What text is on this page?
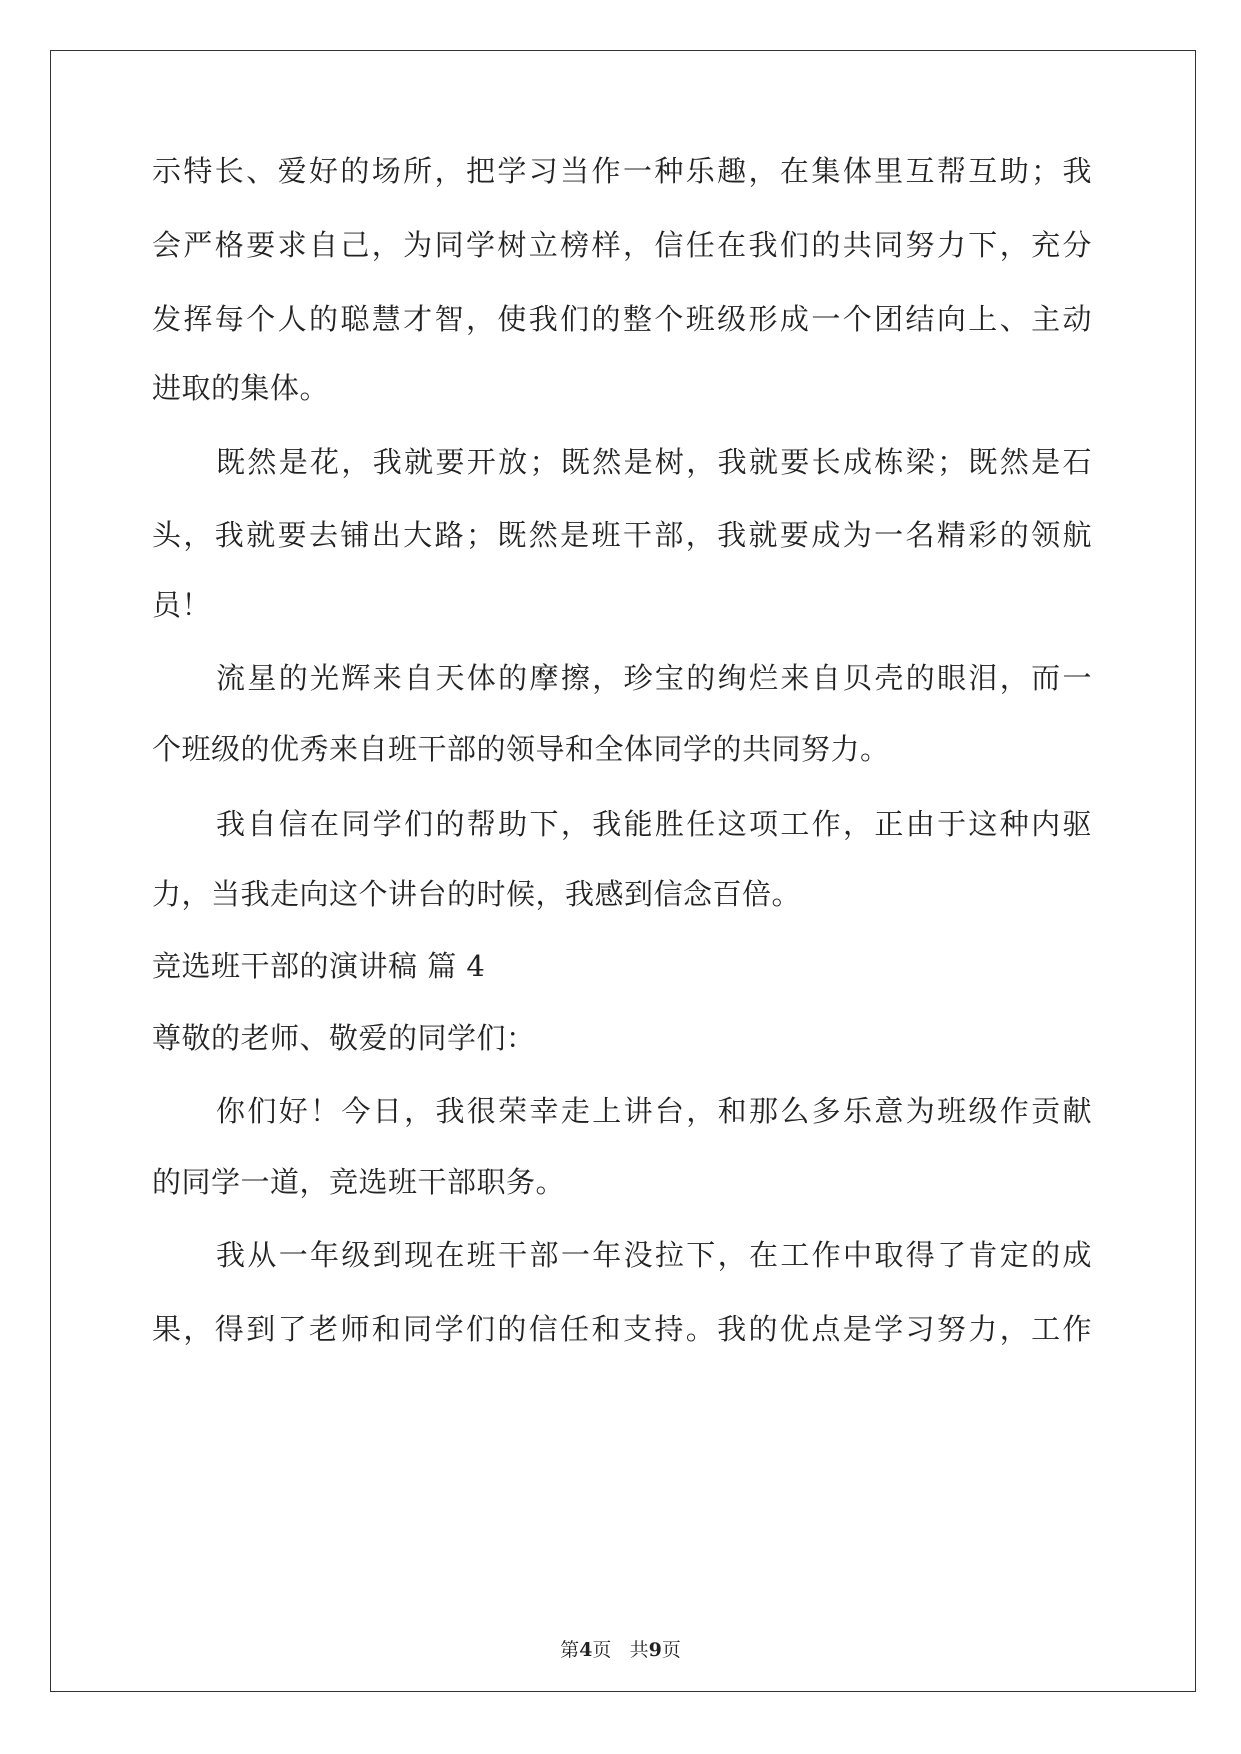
示特长、爱好的场所，把学习当作一种乐趣，在集体里互帮互助；我
会严格要求自己，为同学树立榜样，信任在我们的共同努力下，充分
发挥每个人的聪慧才智，使我们的整个班级形成一个团结向上、主动
进取的集体。
既然是花，我就要开放；既然是树，我就要长成栋梁；既然是石
头，我就要去铺出大路；既然是班干部，我就要成为一名精彩的领航
员！
流星的光辉来自天体的摩擦，珍宝的绚烂来自贝壳的眼泪，而一
个班级的优秀来自班干部的领导和全体同学的共同努力。
我自信在同学们的帮助下，我能胜任这项工作，正由于这种内驱
力，当我走向这个讲台的时候，我感到信念百倍。
竞选班干部的演讲稿 篇 4
尊敬的老师、敬爱的同学们：
你们好！今日，我很荣幸走上讲台，和那么多乐意为班级作贡献
的同学一道，竞选班干部职务。
我从一年级到现在班干部一年没拉下，在工作中取得了肯定的成
果，得到了老师和同学们的信任和支持。我的优点是学习努力，工作
第4页 共9页
